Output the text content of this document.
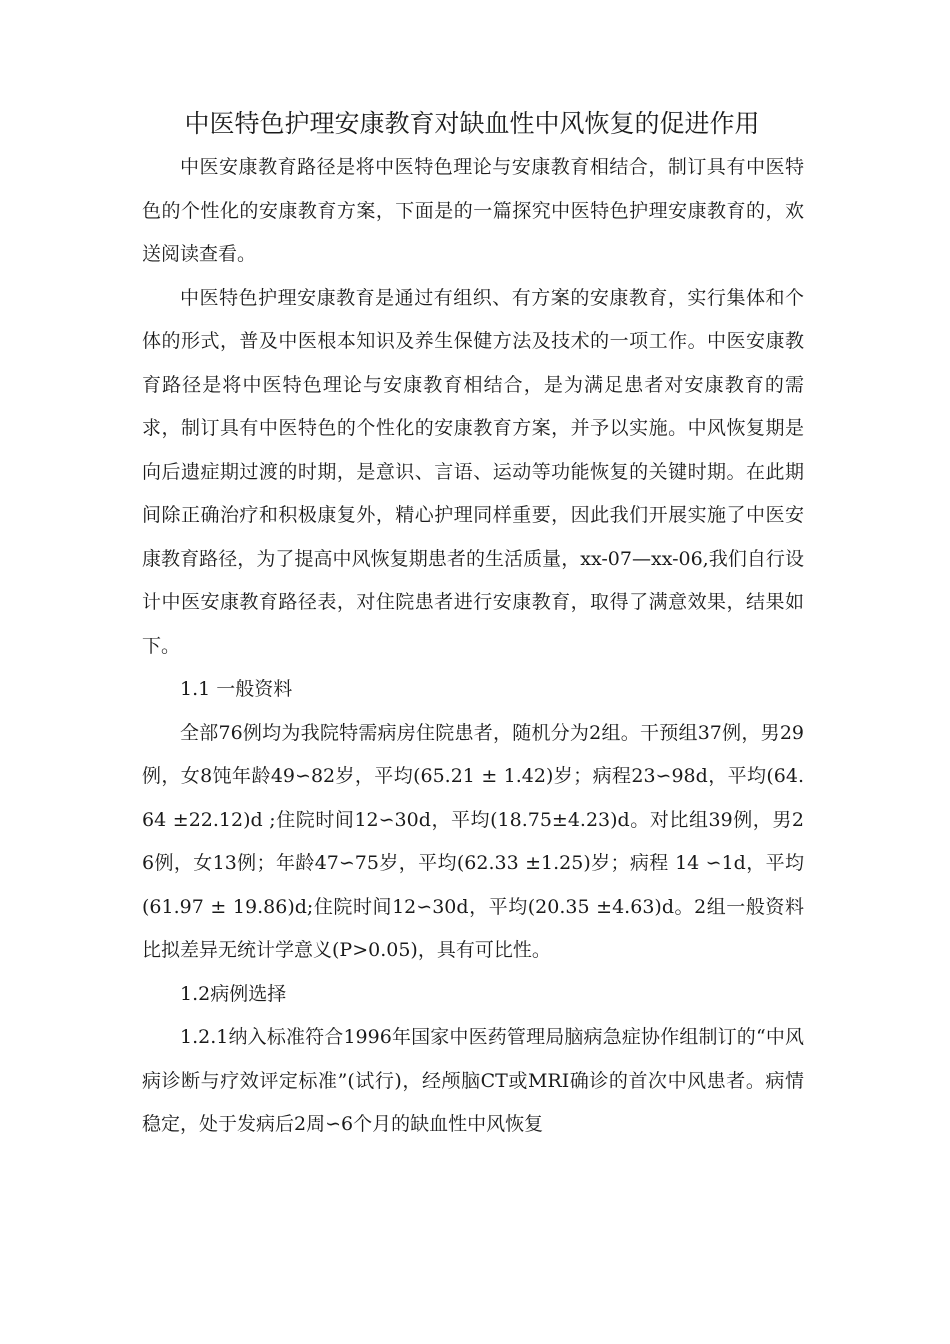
中医特色护理安康教育对缺血性中风恢复的促进作用

中医安康教育路径是将中医特色理论与安康教育相结合，制订具有中医特色的个性化的安康教育方案，下面是的一篇探究中医特色护理安康教育的，欢送阅读查看。

中医特色护理安康教育是通过有组织、有方案的安康教育，实行集体和个体的形式，普及中医根本知识及养生保健方法及技术的一项工作。中医安康教育路径是将中医特色理论与安康教育相结合，是为满足患者对安康教育的需求，制订具有中医特色的个性化的安康教育方案，并予以实施。中风恢复期是向后遗症期过渡的时期，是意识、言语、运动等功能恢复的关键时期。在此期间除正确治疗和积极康复外，精心护理同样重要，因此我们开展实施了中医安康教育路径，为了提高中风恢复期患者的生活质量，xx-07—xx-06,我们自行设计中医安康教育路径表，对住院患者进行安康教育，取得了满意效果，结果如下。

1.1 一般资料

全部76例均为我院特需病房住院患者，随机分为2组。干预组37例，男29例，女8饨年龄49∽82岁，平均(65.21 ± 1.42)岁；病程23∽98d，平均(64.64 ±22.12)d ;住院时间12∽30d，平均(18.75±4.23)d。对比组39例，男26例，女13例；年龄47∽75岁，平均(62.33 ±1.25)岁；病程 14 ∽1d，平均(61.97 ± 19.86)d;住院时间12∽30d，平均(20.35 ±4.63)d。2组一般资料比拟差异无统计学意义(P>0.05)，具有可比性。

1.2病例选择

1.2.1纳入标准符合1996年国家中医药管理局脑病急症协作组制订的“中风病诊断与疗效评定标准”(试行)，经颅脑CT或MRI确诊的首次中风患者。病情稳定，处于发病后2周∽6个月的缺血性中风恢复
